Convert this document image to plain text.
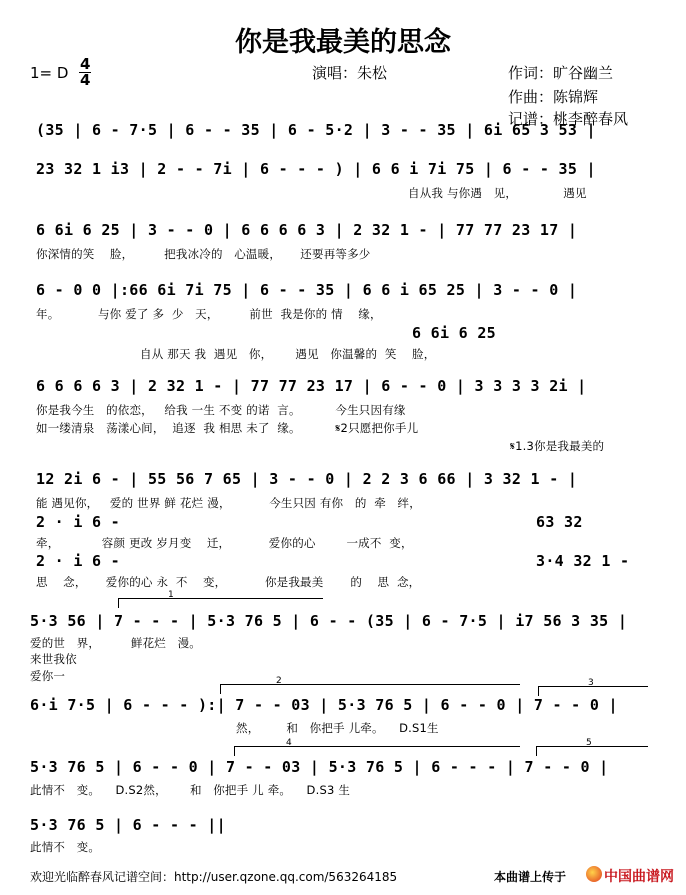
你是我最美的思念
1= D 4
4	演唱：朱松	作词：旷谷幽兰
作曲：陈锦辉
记谱：桃李醉春风
(35 | 6 - 7·5 | 6 - - 35 | 6 - 5·2 | 3 - - 35 | 6i 65 3 53 |
23 32 1 i3 | 2 - - 7i | 6 - - - ) | 6 6 i 7i 75 | 6 - - 35 |
自从我 与你遇   见，            遇见
6 6i 6 25 | 3 - - 0 | 6 6 6 6 3 | 2 32 1 - | 77 77 23 17 |
你深情的笑    脸，        把我冰冷的   心温暖，     还要再等多少
6 - 0 0 |:66 6i 7i 75 | 6 - - 35 | 6 6 i 65 25 | 3 - - 0 |
年。          与你 爱了 多  少   天，        前世  我是你的 情    缘，
6 6i 6 25
自从 那天 我  遇见   你，      遇见   你温馨的  笑    脸，
6 6 6 6 3 | 2 32 1 - | 77 77 23 17 | 6 - - 0 | 3 3 3 3 2i |
你是我今生   的依恋，   给我 一生 不变 的诺  言。         今生只因有缘
如一缕清泉   荡漾心间，  追逐  我 相思 未了  缘。         𝄋2只愿把你手儿
𝄋1.3你是我最美的
12 2i 6 - | 55 56 7 65 | 3 - - 0 | 2 2 3 6 66 | 3 32 1 - |
能 遇见你，   爱的 世界 鲜 花烂 漫，          今生只因 有你   的  牵   绊，
2 · i 6 -	63 32
牵，           容颜 更改 岁月变    迁，          爱你的心        一成不  变，
2 · i 6 -	3·4 32 1 -
思    念，     爱你的心 永  不    变，          你是我最美       的    思  念，
5·3 56 | 7 - - - | 5·3 76 5 | 6 - - (35 | 6 - 7·5 | i7 56 3 35 |
爱的世   界，        鲜花烂   漫。
来世我依
爱你一
6·i 7·5 | 6 - - - ):| 7 - - 03 | 5·3 76 5 | 6 - - 0 | 7 - - 0 |
然，       和   你把手 儿牵。    D.S1生
5·3 76 5 | 6 - - 0 | 7 - - 03 | 5·3 76 5 | 6 - - - | 7 - - 0 |
此情不   变。    D.S2然，      和   你把手 儿 牵。    D.S3 生
5·3 76 5 | 6 - - - ||
此情不   变。
1
2	3
4	5
欢迎光临醉春风记谱空间：http://user.qzone.qq.com/563264185	本曲谱上传于	中国曲谱网
